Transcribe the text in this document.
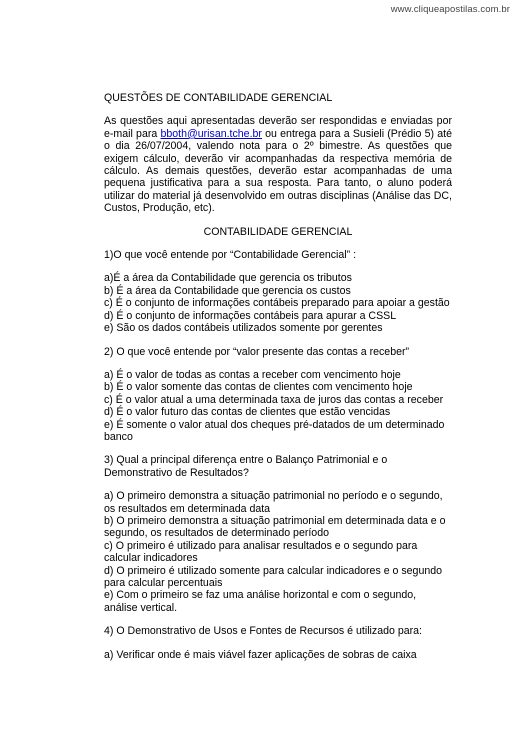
www.cliqueapostilas.com.br

QUESTÕES DE CONTABILIDADE GERENCIAL

As questões aqui apresentadas deverão ser respondidas e enviadas por e-mail para bboth@urisan.tche.br ou entrega para a Susieli (Prédio 5) até o dia 26/07/2004, valendo nota para o 2º bimestre. As questões que exigem cálculo, deverão vir acompanhadas da respectiva memória de cálculo. As demais questões, deverão estar acompanhadas de uma pequena justificativa para a sua resposta. Para tanto, o aluno poderá utilizar do material já desenvolvido em outras disciplinas (Análise das DC, Custos, Produção, etc).

CONTABILIDADE GERENCIAL

1)O que você entende por “Contabilidade Gerencial” :

a)É a área da Contabilidade que gerencia os tributos

b) É a área da Contabilidade que gerencia os custos

c) É o conjunto de informações contábeis preparado para apoiar a gestão

d) É o conjunto de informações contábeis para apurar a CSSL

e) São os dados contábeis utilizados somente por gerentes

2) O que você entende por “valor presente das contas a receber”

a) É o valor de todas as contas a receber com vencimento hoje

b) É o valor somente das contas de clientes com vencimento hoje

c) É o valor atual a uma determinada taxa de juros das contas a receber

d) É o valor futuro das contas de clientes que estão vencidas

e) É somente o valor atual dos cheques pré-datados de um determinado banco

3) Qual a principal diferença entre o Balanço Patrimonial e o Demonstrativo de Resultados?

a) O primeiro demonstra a situação patrimonial no período e o segundo, os resultados em determinada data

b) O primeiro demonstra a situação patrimonial em determinada data e o segundo, os resultados de determinado período

c) O primeiro é utilizado para analisar resultados e o segundo para calcular indicadores

d) O primeiro é utilizado somente para calcular indicadores e o segundo para calcular percentuais

e) Com o primeiro se faz uma análise horizontal e com o segundo, análise vertical.

4) O Demonstrativo de Usos e Fontes de Recursos é utilizado para:

a) Verificar onde é mais viável fazer aplicações de sobras de caixa
